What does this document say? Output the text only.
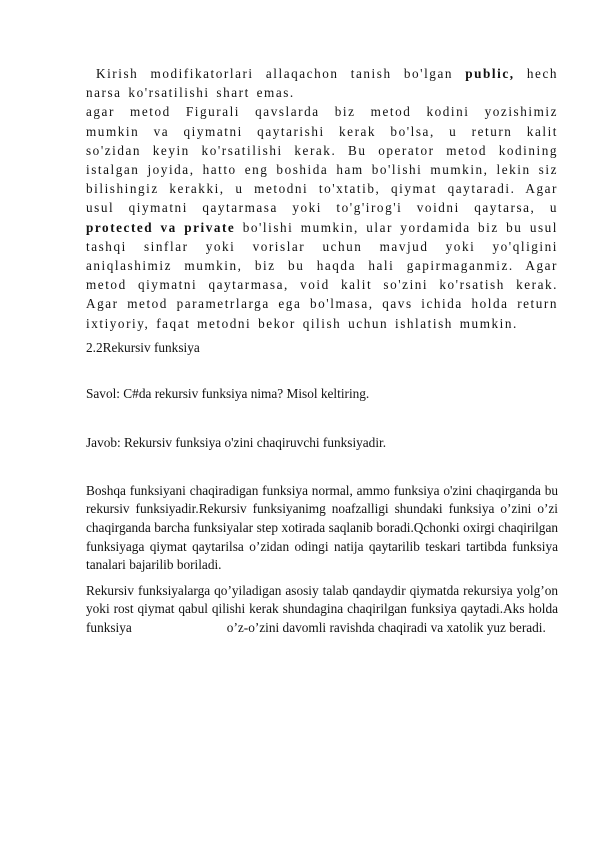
Kirish modifikatorlari allaqachon tanish bo'lgan public, hech
narsa ko'rsatilishi shart emas.
agar metod Figurali qavslarda biz metod kodini yozishimiz mumkin va qiymatni qaytarishi kerak bo'lsa, u return kalit so'zidan keyin ko'rsatilishi kerak. Bu operator metod kodining istalgan joyida, hatto eng boshida ham bo'lishi mumkin, lekin siz bilishingiz kerakki, u metodni to'xtatib, qiymat qaytaradi. Agar usul qiymatni qaytarmasa yoki to'g'irog'i voidni qaytarsa, u protected va private bo'lishi mumkin, ular yordamida biz bu usul tashqi sinflar yoki vorislar uchun mavjud yoki yo'qligini aniqlashimiz mumkin, biz bu haqda hali gapirmaganmiz. Agar metod qiymatni qaytarmasa, void kalit so'zini ko'rsatish kerak. Agar metod parametrlarga ega bo'lmasa, qavs ichida holda return ixtiyoriy, faqat metodni bekor qilish uchun ishlatish mumkin.

2.2Rekursiv funksiya

Savol: C#da rekursiv funksiya nima? Misol keltiring.

Javob: Rekursiv funksiya o'zini chaqiruvchi funksiyadir.

Boshqa funksiyani chaqiradigan funksiya normal, ammo funksiya o'zini chaqirganda bu rekursiv funksiyadir.Rekursiv funksiyanimg noafzalligi shundaki funksiya o’zini o’zi chaqirganda barcha funksiyalar step xotirada saqlanib boradi.Qchonki oxirgi chaqirilgan funksiyaga qiymat qaytarilsa o’zidan odingi natija qaytarilib teskari tartibda funksiya tanalari bajarilib boriladi.

Rekursiv funksiyalarga qo’yiladigan asosiy talab qandaydir qiymatda rekursiya yolg’on yoki rost qiymat qabul qilishi kerak shundagina chaqirilgan funksiya qaytadi.Aks holda funksiya	o’z-o’zini davomli ravishda chaqiradi va xatolik yuz beradi.
